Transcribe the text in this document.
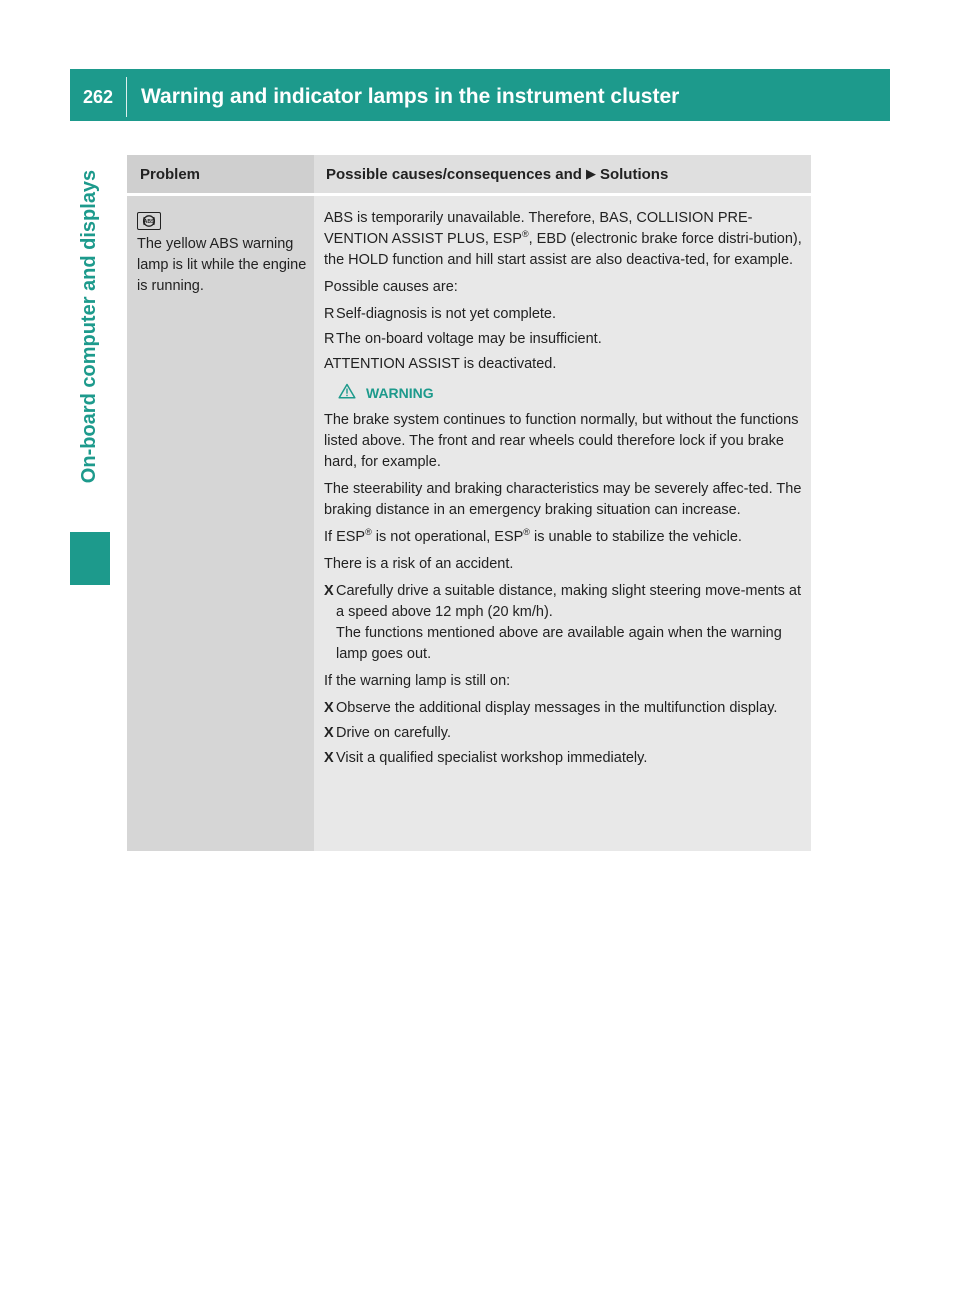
262	Warning and indicator lamps in the instrument cluster
On-board computer and displays	Problem	Possible causes/consequences and ▶ Solutions
ABS

The yellow ABS warning lamp is lit while the engine is running.

ABS is temporarily unavailable. Therefore, BAS, COLLISION PRE-VENTION ASSIST PLUS, ESP®, EBD (electronic brake force distri-bution), the HOLD function and hill start assist are also deactiva-ted, for example.

Possible causes are:

R Self-diagnosis is not yet complete.
R The on-board voltage may be insufficient.

ATTENTION ASSIST is deactivated.

WARNING

The brake system continues to function normally, but without the functions listed above. The front and rear wheels could therefore lock if you brake hard, for example.

The steerability and braking characteristics may be severely affec-ted. The braking distance in an emergency braking situation can increase.

If ESP® is not operational, ESP® is unable to stabilize the vehicle.

There is a risk of an accident.

X Carefully drive a suitable distance, making slight steering move-ments at a speed above 12 mph (20 km/h).
The functions mentioned above are available again when the warning lamp goes out.

If the warning lamp is still on:

X Observe the additional display messages in the multifunction display.
X Drive on carefully.
X Visit a qualified specialist workshop immediately.
